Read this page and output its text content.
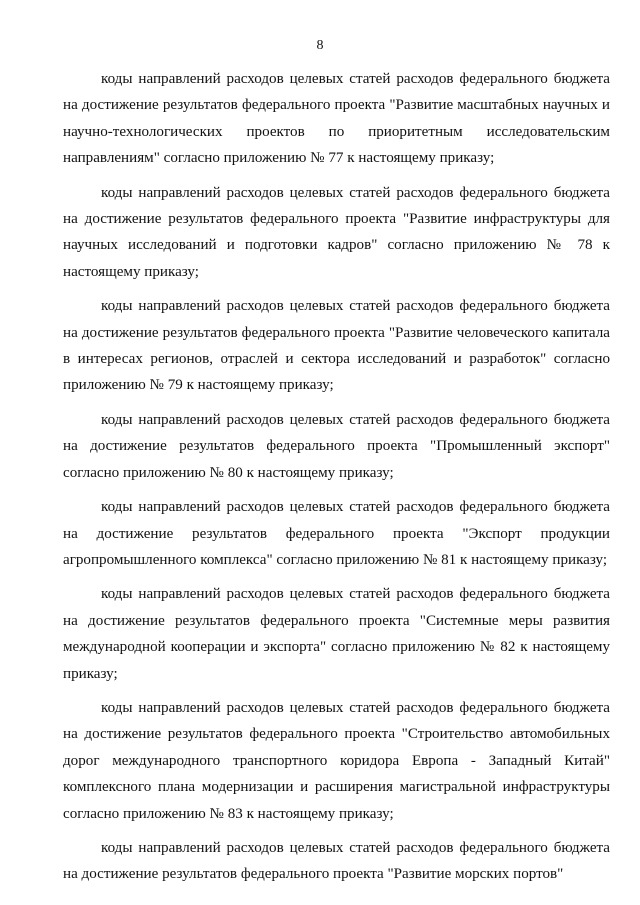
8

коды направлений расходов целевых статей расходов федерального бюджета на достижение результатов федерального проекта "Развитие масштабных научных и научно-технологических проектов по приоритетным исследовательским направлениям" согласно приложению № 77 к настоящему приказу;

коды направлений расходов целевых статей расходов федерального бюджета на достижение результатов федерального проекта "Развитие инфраструктуры для научных исследований и подготовки кадров" согласно приложению № 78 к настоящему приказу;

коды направлений расходов целевых статей расходов федерального бюджета на достижение результатов федерального проекта "Развитие человеческого капитала в интересах регионов, отраслей и сектора исследований и разработок" согласно приложению № 79 к настоящему приказу;

коды направлений расходов целевых статей расходов федерального бюджета на достижение результатов федерального проекта "Промышленный экспорт" согласно приложению № 80 к настоящему приказу;

коды направлений расходов целевых статей расходов федерального бюджета на достижение результатов федерального проекта "Экспорт продукции агропромышленного комплекса" согласно приложению № 81 к настоящему приказу;

коды направлений расходов целевых статей расходов федерального бюджета на достижение результатов федерального проекта "Системные меры развития международной кооперации и экспорта" согласно приложению № 82 к настоящему приказу;

коды направлений расходов целевых статей расходов федерального бюджета на достижение результатов федерального проекта "Строительство автомобильных дорог международного транспортного коридора Европа - Западный Китай" комплексного плана модернизации и расширения магистральной инфраструктуры согласно приложению № 83 к настоящему приказу;

коды направлений расходов целевых статей расходов федерального бюджета на достижение результатов федерального проекта "Развитие морских портов"
